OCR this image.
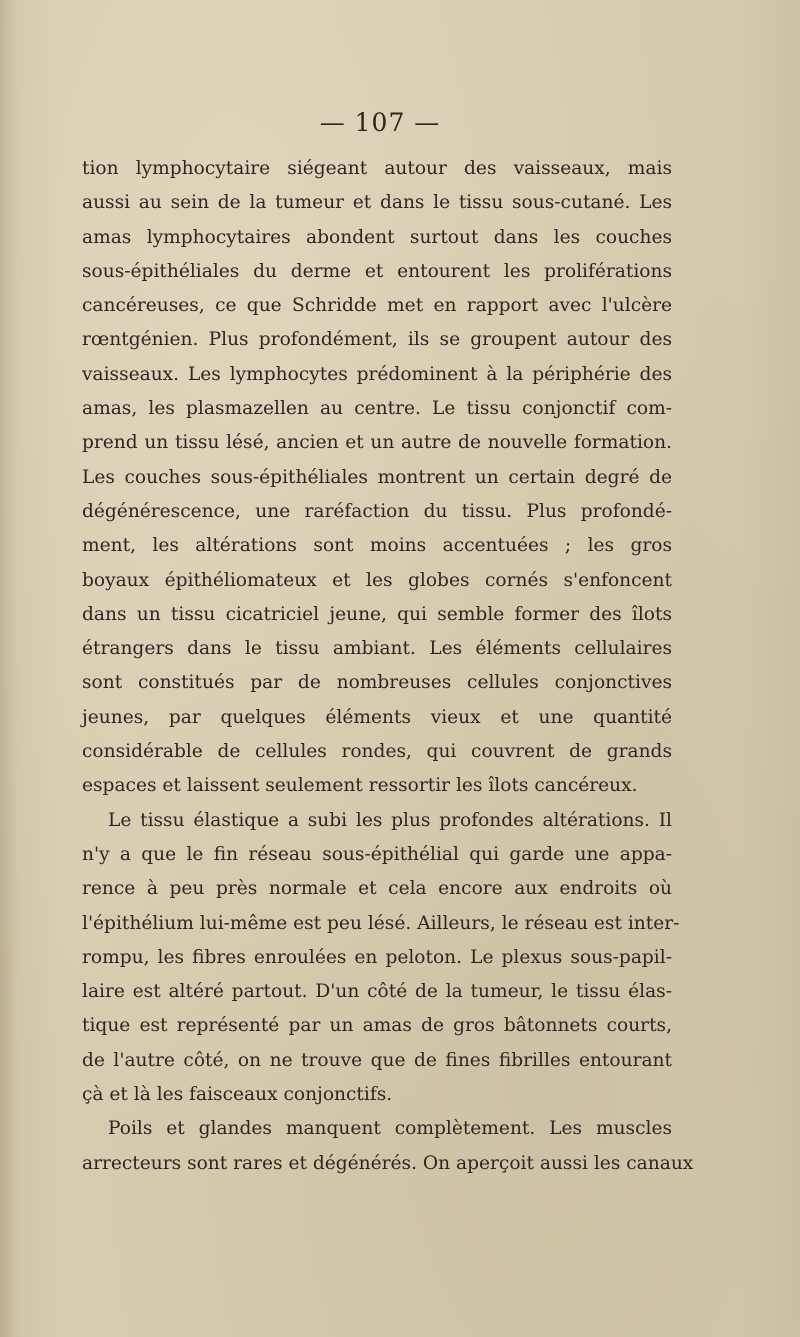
— 107 —
tion lymphocytaire siégeant autour des vaisseaux, mais
aussi au sein de la tumeur et dans le tissu sous-cutané. Les
amas lymphocytaires abondent surtout dans les couches
sous-épithéliales du derme et entourent les proliférations
cancéreuses, ce que Schridde met en rapport avec l'ulcère
rœntgénien. Plus profondément, ils se groupent autour des
vaisseaux. Les lymphocytes prédominent à la périphérie des
amas, les plasmazellen au centre. Le tissu conjonctif com-
prend un tissu lésé, ancien et un autre de nouvelle formation.
Les couches sous-épithéliales montrent un certain degré de
dégénérescence, une raréfaction du tissu. Plus profondé-
ment, les altérations sont moins accentuées ; les gros
boyaux épithéliomateux et les globes cornés s'enfoncent
dans un tissu cicatriciel jeune, qui semble former des îlots
étrangers dans le tissu ambiant. Les éléments cellulaires
sont constitués par de nombreuses cellules conjonctives
jeunes, par quelques éléments vieux et une quantité
considérable de cellules rondes, qui couvrent de grands
espaces et laissent seulement ressortir les îlots cancéreux.
Le tissu élastique a subi les plus profondes altérations. Il
n'y a que le fin réseau sous-épithélial qui garde une appa-
rence à peu près normale et cela encore aux endroits où
l'épithélium lui-même est peu lésé. Ailleurs, le réseau est inter-
rompu, les fibres enroulées en peloton. Le plexus sous-papil-
laire est altéré partout. D'un côté de la tumeur, le tissu élas-
tique est représenté par un amas de gros bâtonnets courts,
de l'autre côté, on ne trouve que de fines fibrilles entourant
çà et là les faisceaux conjonctifs.
Poils et glandes manquent complètement. Les muscles
arrecteurs sont rares et dégénérés. On aperçoit aussi les canaux
